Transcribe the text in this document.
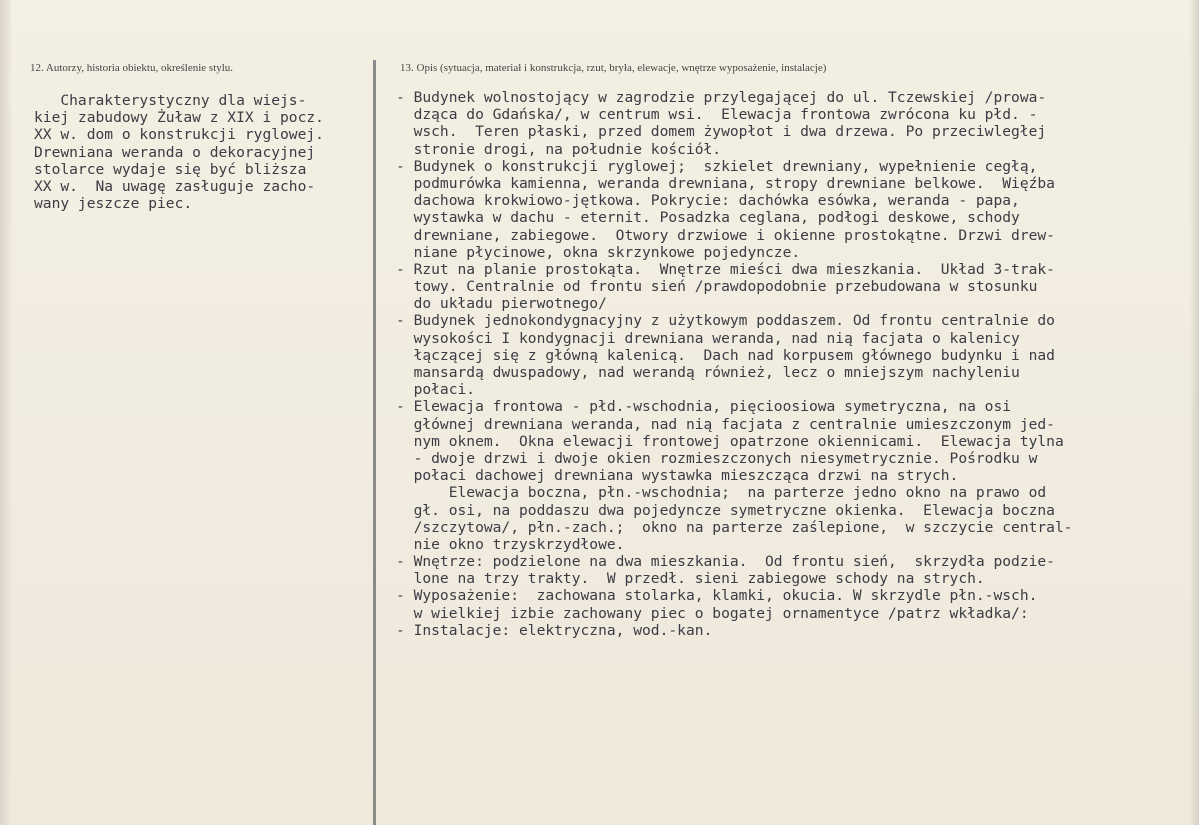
12. Autorzy, historia obiektu, określenie stylu.	13. Opis (sytuacja, materiał i konstrukcja, rzut, bryła, elewacje, wnętrze wyposażenie, instalacje)
Charakterystyczny dla wiejs-
kiej zabudowy Żuław z XIX i pocz.
XX w. dom o konstrukcji ryglowej.
Drewniana weranda o dekoracyjnej
stolarce wydaje się być bliższa
XX w.  Na uwagę zasługuje zacho-
wany jeszcze piec.
- Budynek wolnostojący w zagrodzie przylegającej do ul. Tczewskiej /prowa-
dząca do Gdańska/, w centrum wsi.  Elewacja frontowa zwrócona ku płd. -
wsch.  Teren płaski, przed domem żywopłot i dwa drzewa. Po przeciwległej
stronie drogi, na południe kościół.
- Budynek o konstrukcji ryglowej;  szkielet drewniany, wypełnienie cegłą,
podmurówka kamienna, weranda drewniana, stropy drewniane belkowe.  Więźba
dachowa krokwiowo-jętkowa. Pokrycie: dachówka esówka, weranda - papa,
wystawka w dachu - eternit. Posadzka ceglana, podłogi deskowe, schody
drewniane, zabiegowe.  Otwory drzwiowe i okienne prostokątne. Drzwi drew-
niane płycinowe, okna skrzynkowe pojedyncze.
- Rzut na planie prostokąta.  Wnętrze mieści dwa mieszkania.  Układ 3-trak-
towy. Centralnie od frontu sień /prawdopodobnie przebudowana w stosunku
do układu pierwotnego/
- Budynek jednokondygnacyjny z użytkowym poddaszem. Od frontu centralnie do
wysokości I kondygnacji drewniana weranda, nad nią facjata o kalenicy
łączącej się z główną kalenicą.  Dach nad korpusem głównego budynku i nad
mansardą dwuspadowy, nad werandą również, lecz o mniejszym nachyleniu
połaci.
- Elewacja frontowa - płd.-wschodnia, pięcioosiowa symetryczna, na osi
głównej drewniana weranda, nad nią facjata z centralnie umieszczonym jed-
nym oknem.  Okna elewacji frontowej opatrzone okiennicami.  Elewacja tylna
- dwoje drzwi i dwoje okien rozmieszczonych niesymetrycznie. Pośrodku w
połaci dachowej drewniana wystawka mieszcząca drzwi na strych.
Elewacja boczna, płn.-wschodnia;  na parterze jedno okno na prawo od
gł. osi, na poddaszu dwa pojedyncze symetryczne okienka.  Elewacja boczna
/szczytowa/, płn.-zach.;  okno na parterze zaślepione,  w szczycie central-
nie okno trzyskrzydłowe.
- Wnętrze: podzielone na dwa mieszkania.  Od frontu sień,  skrzydła podzie-
lone na trzy trakty.  W przedł. sieni zabiegowe schody na strych.
- Wyposażenie:  zachowana stolarka, klamki, okucia. W skrzydle płn.-wsch.
w wielkiej izbie zachowany piec o bogatej ornamentyce /patrz wkładka/:
- Instalacje: elektryczna, wod.-kan.
